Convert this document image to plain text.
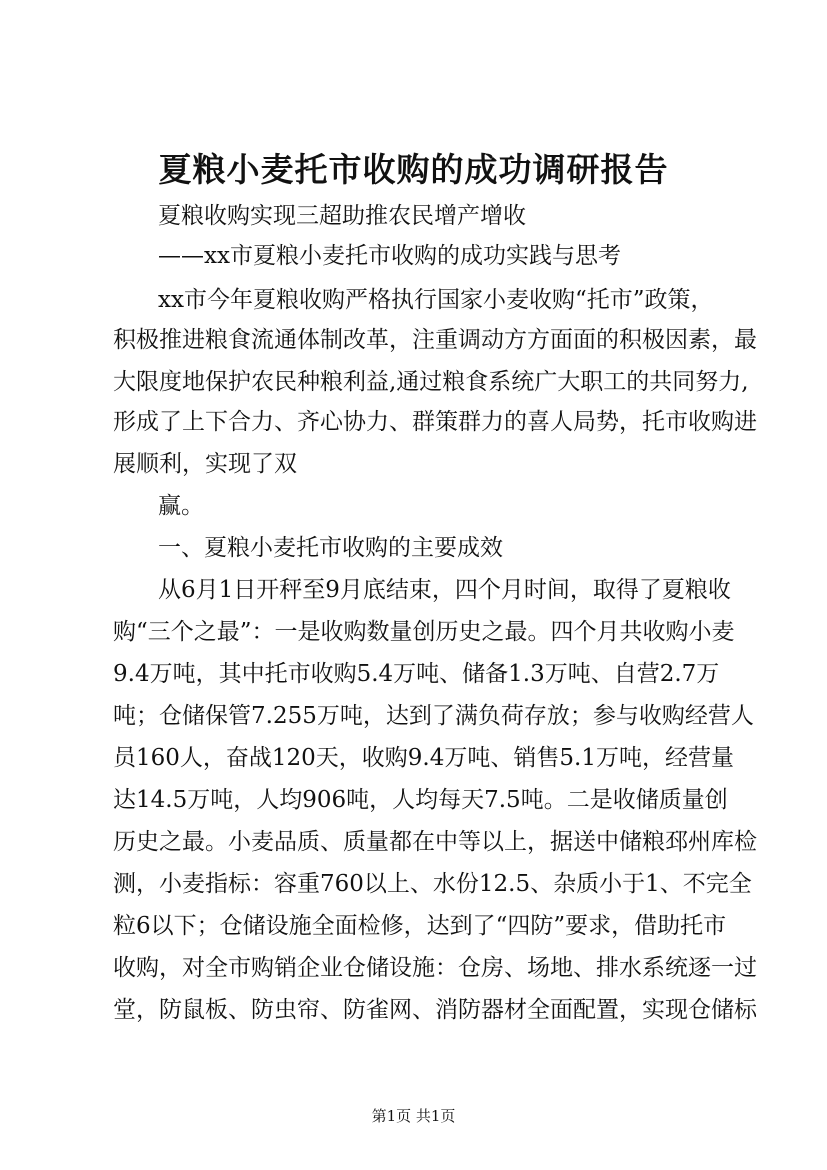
夏粮小麦托市收购的成功调研报告

夏粮收购实现三超助推农民增产增收

——xx市夏粮小麦托市收购的成功实践与思考

xx市今年夏粮收购严格执行国家小麦收购“托市”政策，

积极推进粮食流通体制改革，注重调动方方面面的积极因素，最

大限度地保护农民种粮利益,通过粮食系统广大职工的共同努力,

形成了上下合力、齐心协力、群策群力的喜人局势，托市收购进

展顺利，实现了双

赢。

一、夏粮小麦托市收购的主要成效

从6月1日开秤至9月底结束，四个月时间，取得了夏粮收

购“三个之最”：一是收购数量创历史之最。四个月共收购小麦

9.4万吨，其中托市收购5.4万吨、储备1.3万吨、自营2.7万

吨；仓储保管7.255万吨，达到了满负荷存放；参与收购经营人

员160人，奋战120天，收购9.4万吨、销售5.1万吨，经营量

达14.5万吨，人均906吨，人均每天7.5吨。二是收储质量创

历史之最。小麦品质、质量都在中等以上，据送中储粮邳州库检

测，小麦指标：容重760以上、水份12.5、杂质小于1、不完全

粒6以下；仓储设施全面检修，达到了“四防”要求，借助托市

收购，对全市购销企业仓储设施：仓房、场地、排水系统逐一过

堂，防鼠板、防虫帘、防雀网、消防器材全面配置，实现仓储标

第1页 共1页
